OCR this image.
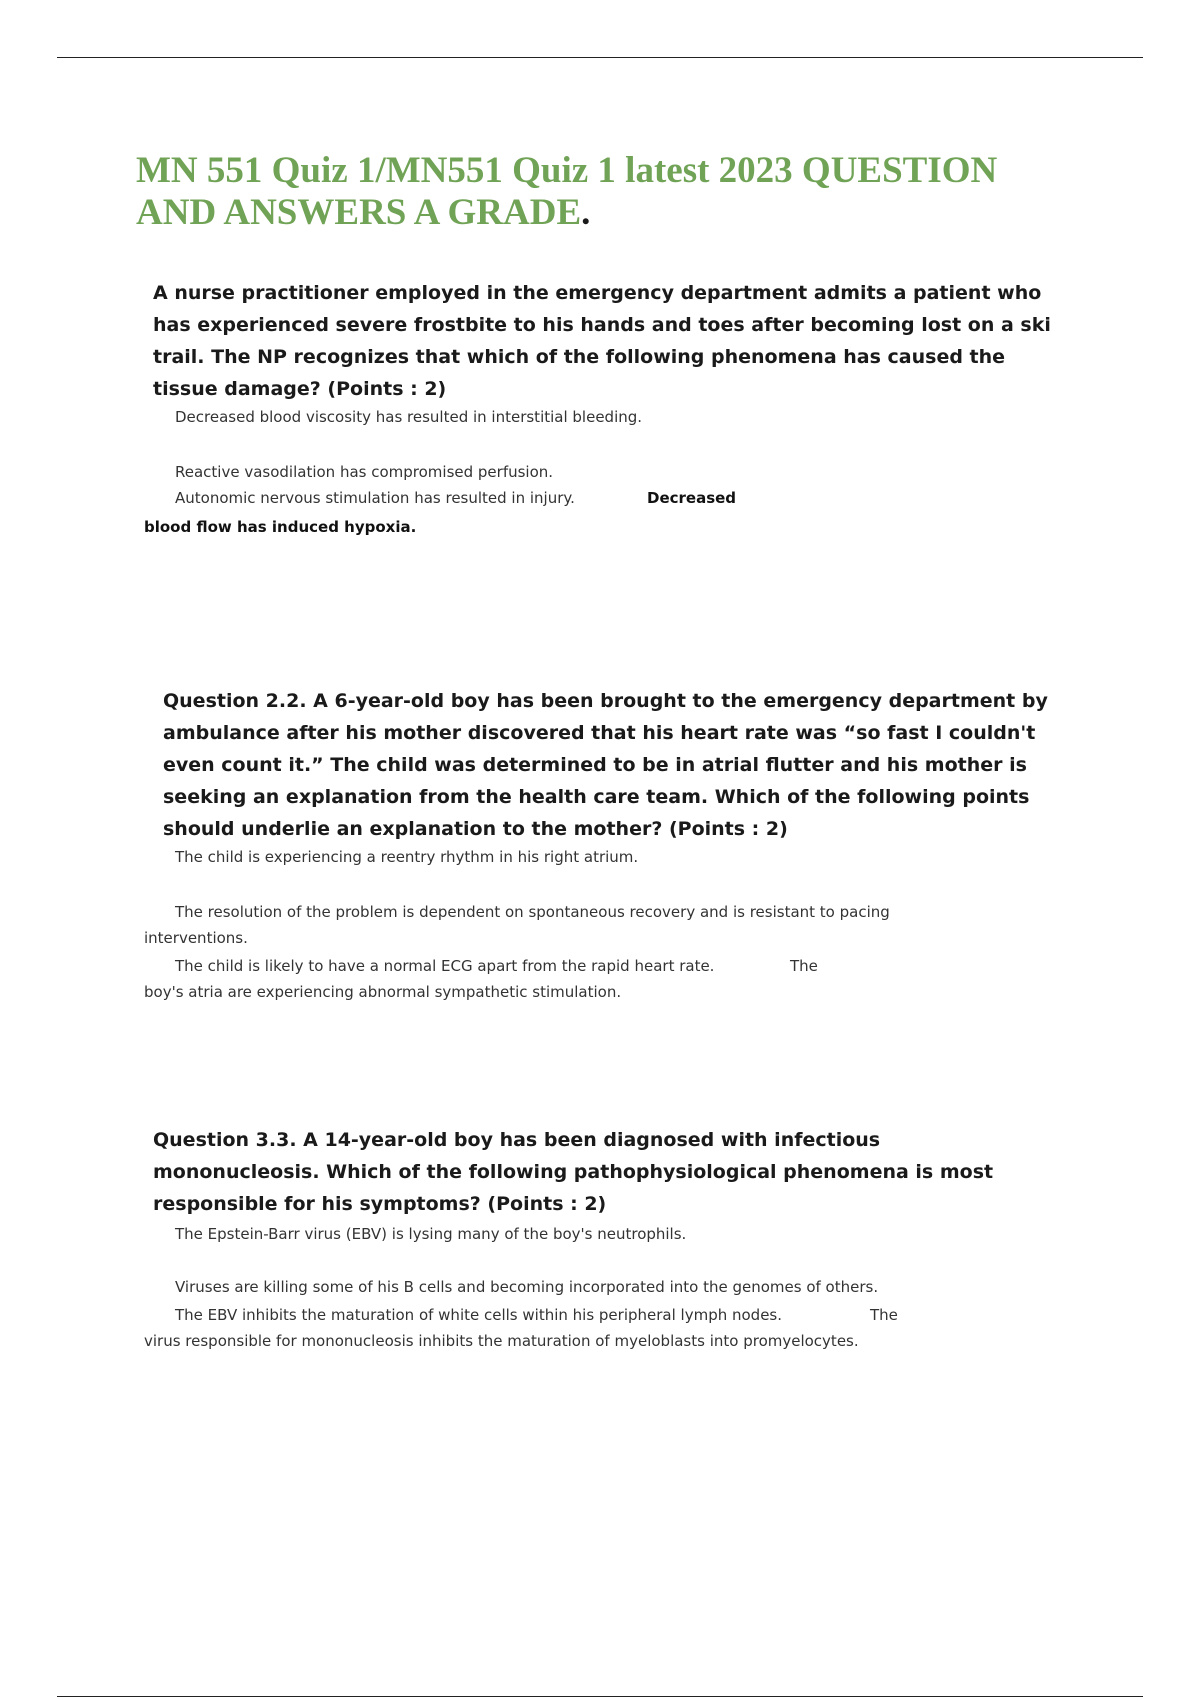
MN 551 Quiz 1/MN551 Quiz 1 latest 2023 QUESTION
AND ANSWERS A GRADE.
A nurse practitioner employed in the emergency department admits a patient who
has experienced severe frostbite to his hands and toes after becoming lost on a ski
trail. The NP recognizes that which of the following phenomena has caused the
tissue damage? (Points : 2)
Decreased blood viscosity has resulted in interstitial bleeding.
Reactive vasodilation has compromised perfusion.
Autonomic nervous stimulation has resulted in injury.	Decreased
blood flow has induced hypoxia.
Question 2.2. A 6-year-old boy has been brought to the emergency department by
ambulance after his mother discovered that his heart rate was “so fast I couldn't
even count it.” The child was determined to be in atrial flutter and his mother is
seeking an explanation from the health care team. Which of the following points
should underlie an explanation to the mother? (Points : 2)
The child is experiencing a reentry rhythm in his right atrium.
The resolution of the problem is dependent on spontaneous recovery and is resistant to pacing
interventions.
The child is likely to have a normal ECG apart from the rapid heart rate.	The
boy's atria are experiencing abnormal sympathetic stimulation.
Question 3.3. A 14-year-old boy has been diagnosed with infectious
mononucleosis. Which of the following pathophysiological phenomena is most
responsible for his symptoms? (Points : 2)
The Epstein-Barr virus (EBV) is lysing many of the boy's neutrophils.
Viruses are killing some of his B cells and becoming incorporated into the genomes of others.
The EBV inhibits the maturation of white cells within his peripheral lymph nodes.	The
virus responsible for mononucleosis inhibits the maturation of myeloblasts into promyelocytes.
